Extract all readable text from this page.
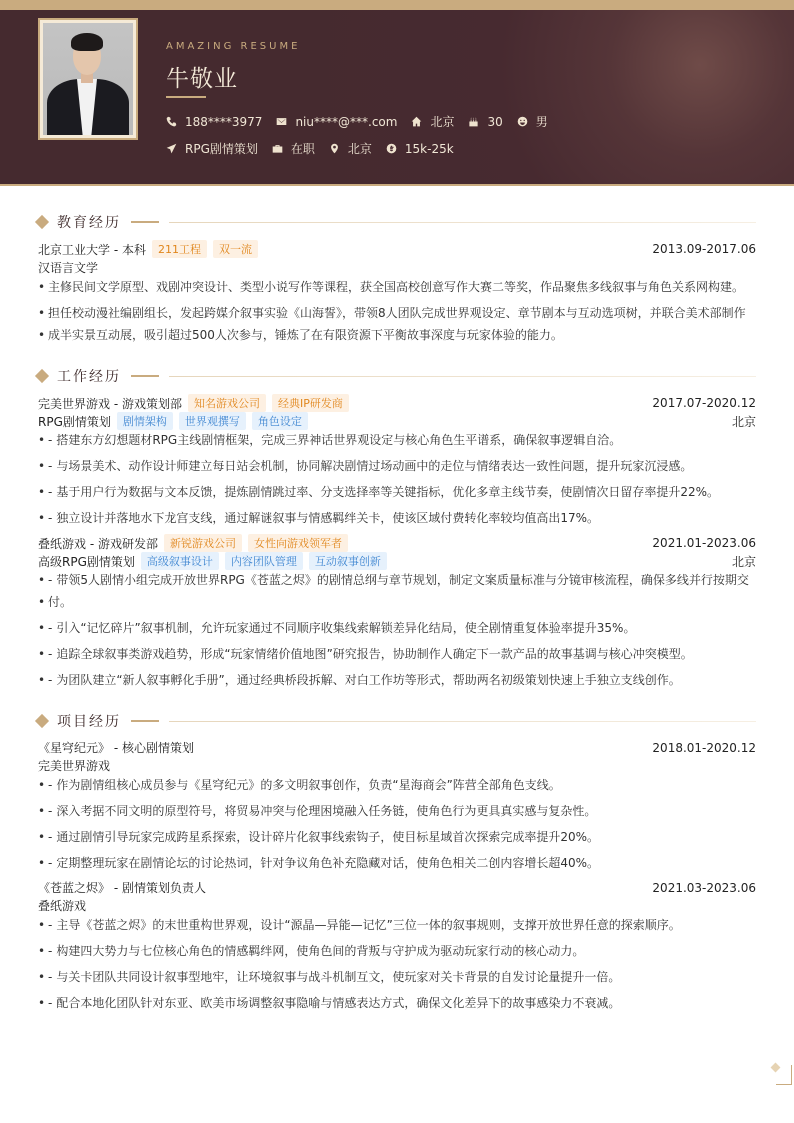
AMAZING RESUME
牛敬业
188****3977	niu****@***.com	北京	30	男
RPG剧情策划	在职	北京	15k-25k
教育经历
北京工业大学 - 本科	211工程	双一流	2013.09-2017.06
汉语言文学
• 主修民间文学原型、戏剧冲突设计、类型小说写作等课程，获全国高校创意写作大赛二等奖，作品聚焦多线叙事与角色关系网构建。
• 担任校动漫社编剧组长，发起跨媒介叙事实验《山海誓》，带领8人团队完成世界观设定、章节剧本与互动选项树，并联合美术部制作
• 成半实景互动展，吸引超过500人次参与，锤炼了在有限资源下平衡故事深度与玩家体验的能力。
工作经历
完美世界游戏 - 游戏策划部	知名游戏公司	经典IP研发商	2017.07-2020.12
RPG剧情策划	剧情架构	世界观撰写	角色设定	北京
• - 搭建东方幻想题材RPG主线剧情框架，完成三界神话世界观设定与核心角色生平谱系，确保叙事逻辑自洽。
• - 与场景美术、动作设计师建立每日站会机制，协同解决剧情过场动画中的走位与情绪表达一致性问题，提升玩家沉浸感。
• - 基于用户行为数据与文本反馈，提炼剧情跳过率、分支选择率等关键指标，优化多章主线节奏，使剧情次日留存率提升22%。
• - 独立设计并落地水下龙宫支线，通过解谜叙事与情感羁绊关卡，使该区域付费转化率较均值高出17%。
叠纸游戏 - 游戏研发部	新锐游戏公司	女性向游戏领军者	2021.01-2023.06
高级RPG剧情策划	高级叙事设计	内容团队管理	互动叙事创新	北京
• - 带领5人剧情小组完成开放世界RPG《苍蓝之烬》的剧情总纲与章节规划，制定文案质量标准与分镜审核流程，确保多线并行按期交
• 付。
• - 引入“记忆碎片”叙事机制，允许玩家通过不同顺序收集线索解锁差异化结局，使全剧情重复体验率提升35%。
• - 追踪全球叙事类游戏趋势，形成“玩家情绪价值地图”研究报告，协助制作人确定下一款产品的故事基调与核心冲突模型。
• - 为团队建立“新人叙事孵化手册”，通过经典桥段拆解、对白工作坊等形式，帮助两名初级策划快速上手独立支线创作。
项目经历
《星穹纪元》 - 核心剧情策划	2018.01-2020.12
完美世界游戏
• - 作为剧情组核心成员参与《星穹纪元》的多文明叙事创作，负责“星海商会”阵营全部角色支线。
• - 深入考据不同文明的原型符号，将贸易冲突与伦理困境融入任务链，使角色行为更具真实感与复杂性。
• - 通过剧情引导玩家完成跨星系探索，设计碎片化叙事线索钩子，使目标星域首次探索完成率提升20%。
• - 定期整理玩家在剧情论坛的讨论热词，针对争议角色补充隐藏对话，使角色相关二创内容增长超40%。
《苍蓝之烬》 - 剧情策划负责人	2021.03-2023.06
叠纸游戏
• - 主导《苍蓝之烬》的末世重构世界观，设计“源晶—异能—记忆”三位一体的叙事规则，支撑开放世界任意的探索顺序。
• - 构建四大势力与七位核心角色的情感羁绊网，使角色间的背叛与守护成为驱动玩家行动的核心动力。
• - 与关卡团队共同设计叙事型地牢，让环境叙事与战斗机制互文，使玩家对关卡背景的自发讨论量提升一倍。
• - 配合本地化团队针对东亚、欧美市场调整叙事隐喻与情感表达方式，确保文化差异下的故事感染力不衰减。
